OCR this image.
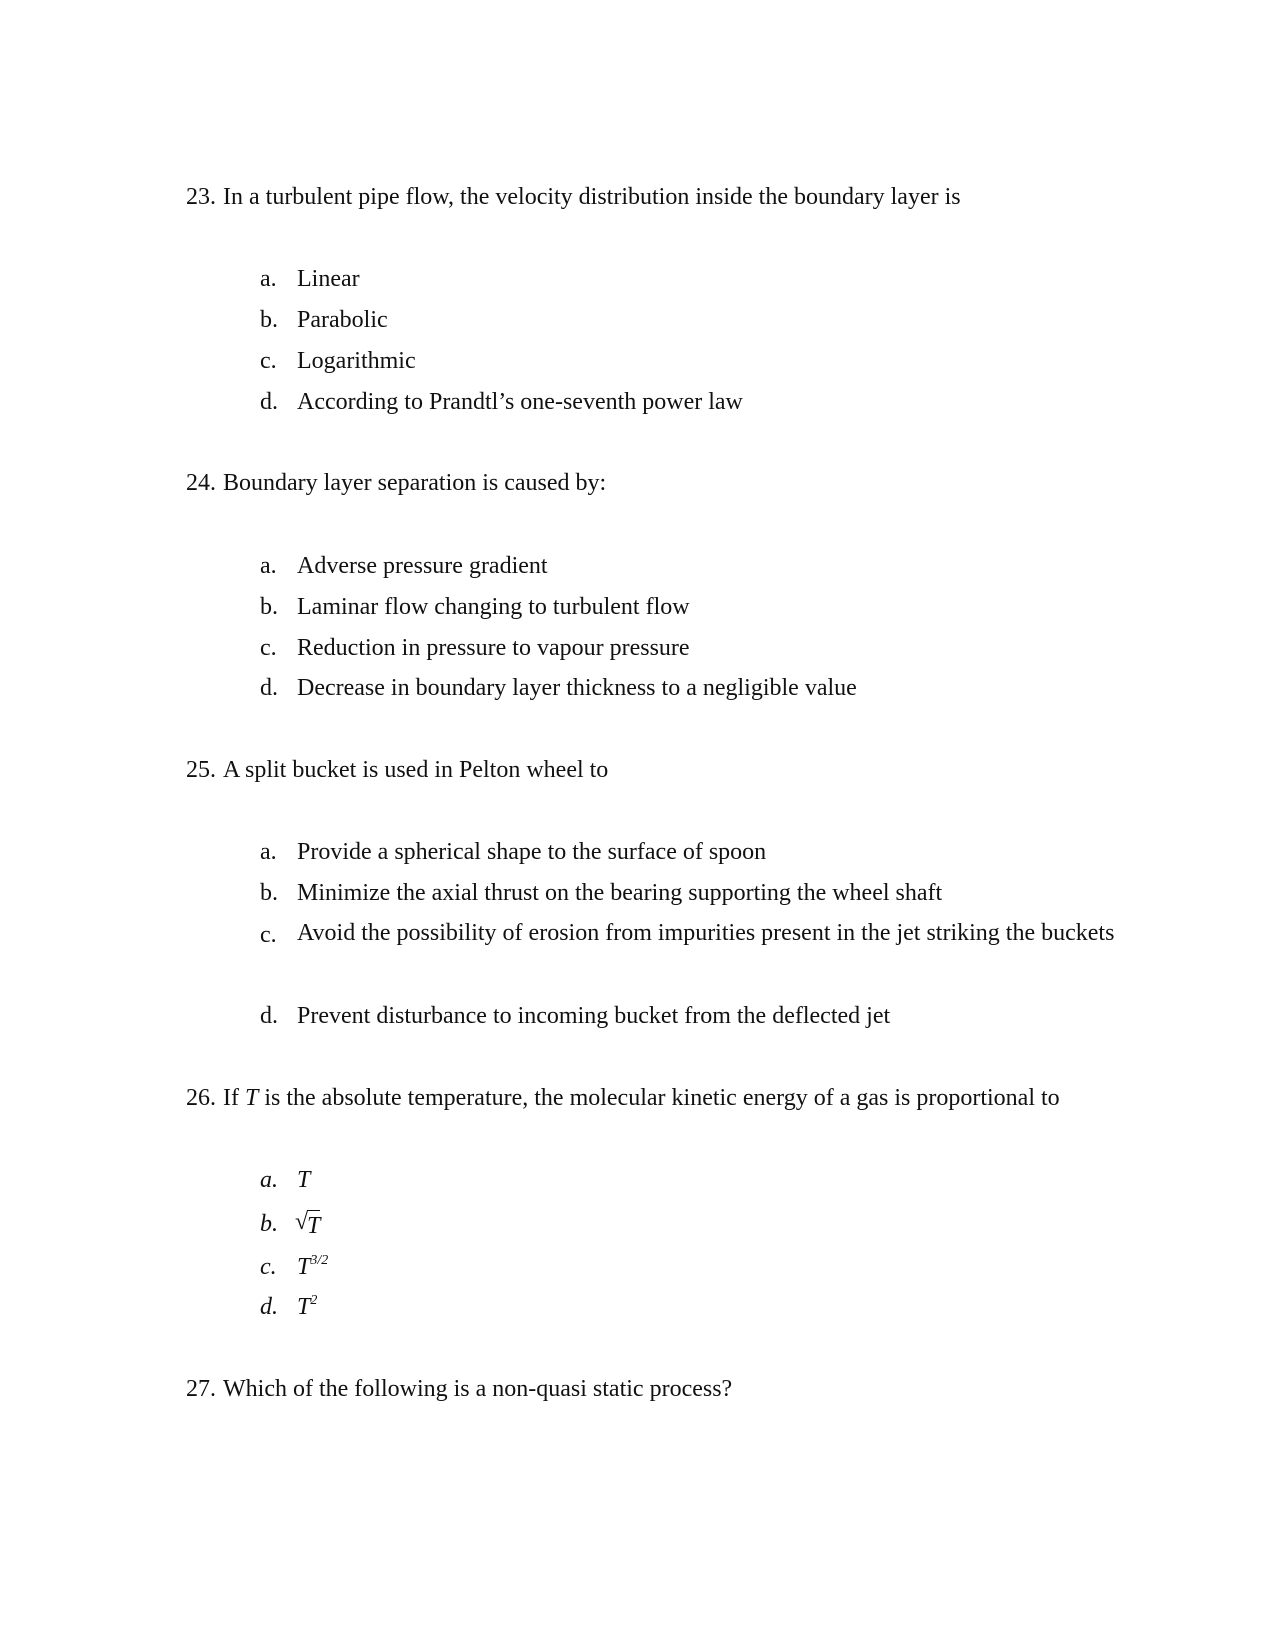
23. In a turbulent pipe flow, the velocity distribution inside the boundary layer is
a. Linear
b. Parabolic
c. Logarithmic
d. According to Prandtl’s one-seventh power law
24. Boundary layer separation is caused by:
a. Adverse pressure gradient
b. Laminar flow changing to turbulent flow
c. Reduction in pressure to vapour pressure
d. Decrease in boundary layer thickness to a negligible value
25. A split bucket is used in Pelton wheel to
a. Provide a spherical shape to the surface of spoon
b. Minimize the axial thrust on the bearing supporting the wheel shaft
c. Avoid the possibility of erosion from impurities present in the jet striking the buckets
d. Prevent disturbance to incoming bucket from the deflected jet
26. If T is the absolute temperature, the molecular kinetic energy of a gas is proportional to
a. T
b. √
T
c. $T^{3/2}$
d. $T^2$
27. Which of the following is a non-quasi static process?
